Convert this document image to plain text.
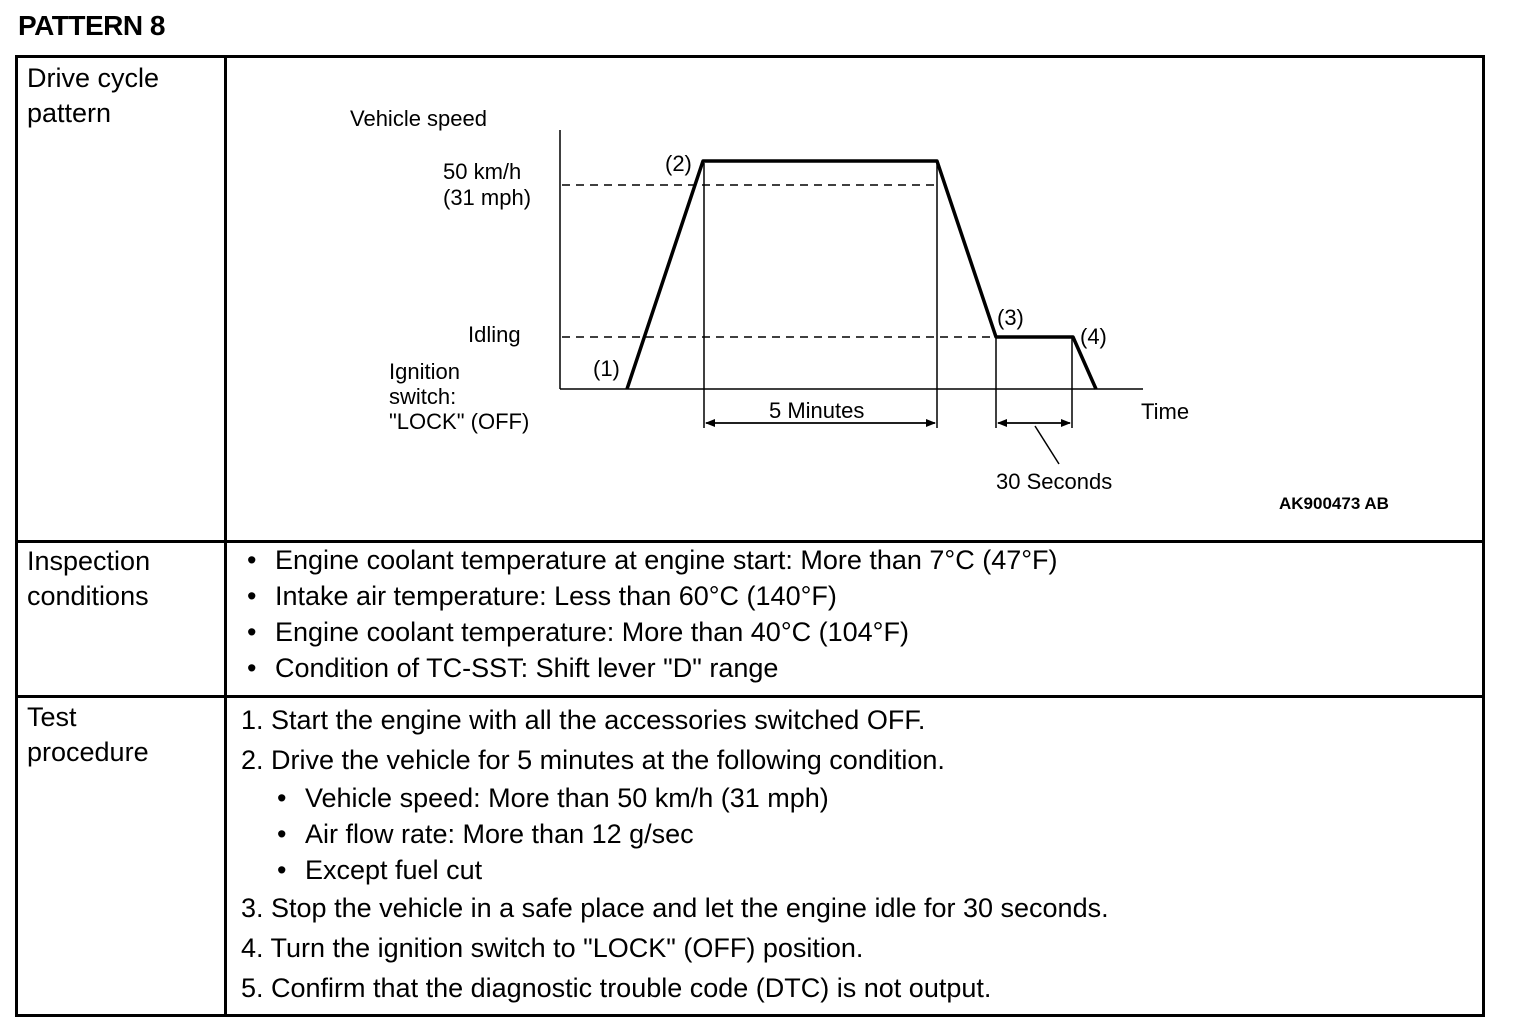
PATTERN 8
Drive cycle
pattern
Inspection
conditions
Test
procedure
Vehicle speed
50 km/h
(31 mph)
Idling
Ignition
switch:
"LOCK" (OFF)
(1)
(2)
(3)
(4)
5 Minutes	Time
30 Seconds
AK900473 AB
• Engine coolant temperature at engine start: More than 7°C (47°F)
• Intake air temperature: Less than 60°C (140°F)
• Engine coolant temperature: More than 40°C (104°F)
• Condition of TC-SST: Shift lever "D" range
1. Start the engine with all the accessories switched OFF.
2. Drive the vehicle for 5 minutes at the following condition.
• Vehicle speed: More than 50 km/h (31 mph)
• Air flow rate: More than 12 g/sec
• Except fuel cut
3. Stop the vehicle in a safe place and let the engine idle for 30 seconds.
4. Turn the ignition switch to "LOCK" (OFF) position.
5. Confirm that the diagnostic trouble code (DTC) is not output.
